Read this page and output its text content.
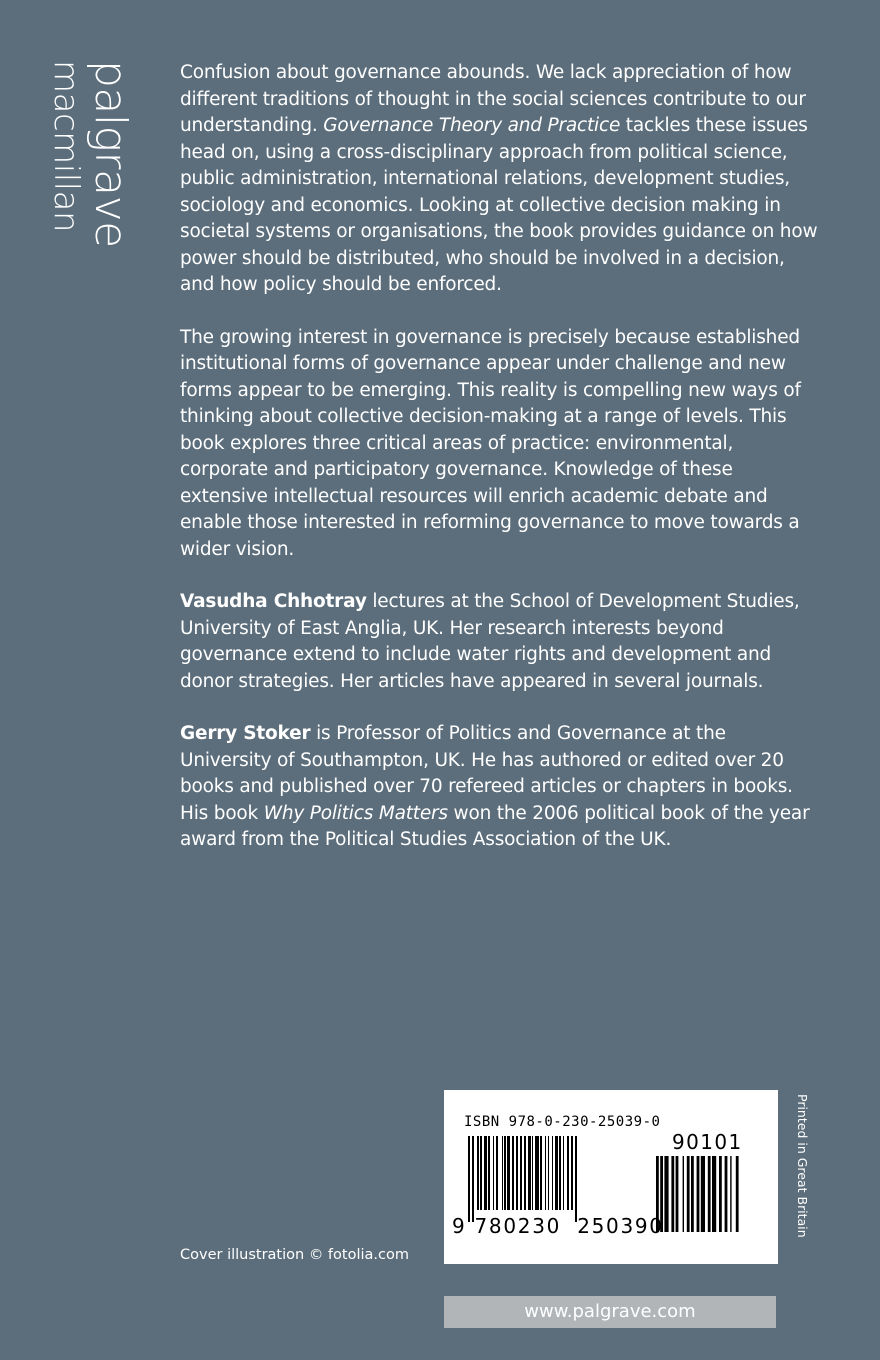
palgrave
macmillan	Confusion about governance abounds. We lack appreciation of how different traditions of thought in the social sciences contribute to our understanding. Governance Theory and Practice tackles these issues head on, using a cross-disciplinary approach from political science, public administration, international relations, development studies, sociology and economics. Looking at collective decision making in societal systems or organisations, the book provides guidance on how power should be distributed, who should be involved in a decision, and how policy should be enforced.

The growing interest in governance is precisely because established institutional forms of governance appear under challenge and new forms appear to be emerging. This reality is compelling new ways of thinking about collective decision-making at a range of levels. This book explores three critical areas of practice: environmental, corporate and participatory governance. Knowledge of these extensive intellectual resources will enrich academic debate and enable those interested in reforming governance to move towards a wider vision.

Vasudha Chhotray lectures at the School of Development Studies, University of East Anglia, UK. Her research interests beyond governance extend to include water rights and development and donor strategies. Her articles have appeared in several journals.

Gerry Stoker is Professor of Politics and Governance at the University of Southampton, UK. He has authored or edited over 20 books and published over 70 refereed articles or chapters in books. His book Why Politics Matters won the 2006 political book of the year award from the Political Studies Association of the UK.

Cover illustration © fotolia.com
ISBN 978-0-230-25039-0
90101
9 780230 250390	Printed in Great Britain
www.palgrave.com
